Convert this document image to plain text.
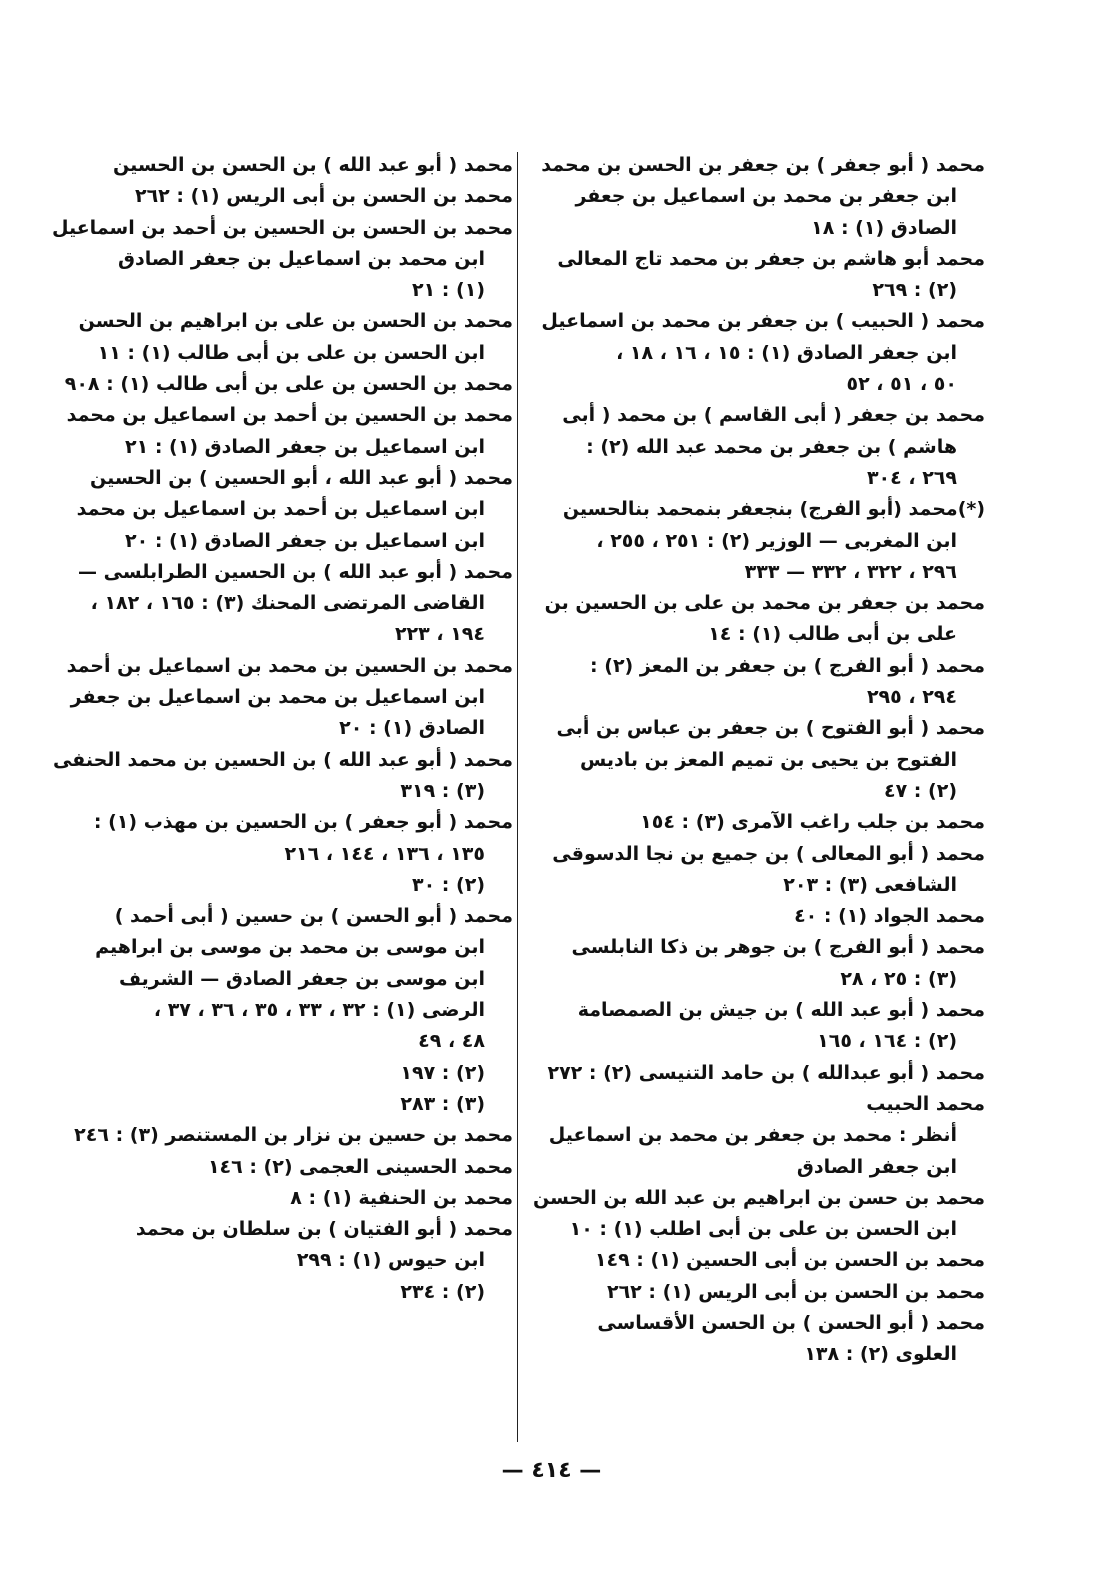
محمد ( أبو جعفر ) بن جعفر بن الحسن بن محمد
ابن جعفر بن محمد بن اسماعيل بن جعفر
الصادق (١) : ١٨
محمد أبو هاشم بن جعفر بن محمد تاج المعالى
(٢) : ٢٦٩
محمد ( الحبيب ) بن جعفر بن محمد بن اسماعيل
ابن جعفر الصادق (١) : ١٥ ، ١٦ ، ١٨ ،
٥٠ ، ٥١ ، ٥٢
محمد بن جعفر ( أبى القاسم ) بن محمد ( أبى
هاشم ) بن جعفر بن محمد عبد الله (٢) :
٢٦٩ ، ٣٠٤
(*)محمد (أبو الفرج) بنجعفر بنمحمد بنالحسين
ابن المغربى — الوزير (٢) : ٢٥١ ، ٢٥٥ ،
٢٩٦ ، ٣٢٢ ، ٣٣٢ — ٣٣٣
محمد بن جعفر بن محمد بن على بن الحسين بن
على بن أبى طالب (١) : ١٤
محمد ( أبو الفرج ) بن جعفر بن المعز (٢) :
٢٩٤ ، ٢٩٥
محمد ( أبو الفتوح ) بن جعفر بن عباس بن أبى
الفتوح بن يحيى بن تميم المعز بن باديس
(٢) : ٤٧
محمد بن جلب راغب الآمرى (٣) : ١٥٤
محمد ( أبو المعالى ) بن جميع بن نجا الدسوقى
الشافعى (٣) : ٢٠٣
محمد الجواد (١) : ٤٠
محمد ( أبو الفرج ) بن جوهر بن ذكا النابلسى
(٣) : ٢٥ ، ٢٨
محمد ( أبو عبد الله ) بن جيش بن الصمصامة
(٢) : ١٦٤ ، ١٦٥
محمد ( أبو عبدالله ) بن حامد التنيسى (٢) : ٢٧٢
محمد الحبيب
أنظر : محمد بن جعفر بن محمد بن اسماعيل
ابن جعفر الصادق
محمد بن حسن بن ابراهيم بن عبد الله بن الحسن
ابن الحسن بن على بن أبى اطلب (١) : ١٠
محمد بن الحسن بن أبى الحسين (١) : ١٤٩
محمد بن الحسن بن أبى الريس (١) : ٢٦٢
محمد ( أبو الحسن ) بن الحسن الأقساسى
العلوى (٢) : ١٣٨
محمد ( أبو عبد الله ) بن الحسن بن الحسين
محمد بن الحسن بن أبى الريس (١) : ٢٦٢
محمد بن الحسن بن الحسين بن أحمد بن اسماعيل
ابن محمد بن اسماعيل بن جعفر الصادق
(١) : ٢١
محمد بن الحسن بن على بن ابراهيم بن الحسن
ابن الحسن بن على بن أبى طالب (١) : ١١
محمد بن الحسن بن على بن أبى طالب (١) : ٩٠٨
محمد بن الحسين بن أحمد بن اسماعيل بن محمد
ابن اسماعيل بن جعفر الصادق (١) : ٢١
محمد ( أبو عبد الله ، أبو الحسين ) بن الحسين
ابن اسماعيل بن أحمد بن اسماعيل بن محمد
ابن اسماعيل بن جعفر الصادق (١) : ٢٠
محمد ( أبو عبد الله ) بن الحسين الطرابلسى —
القاضى المرتضى المحنك (٣) : ١٦٥ ، ١٨٢ ،
١٩٤ ، ٢٢٣
محمد بن الحسين بن محمد بن اسماعيل بن أحمد
ابن اسماعيل بن محمد بن اسماعيل بن جعفر
الصادق (١) : ٢٠
محمد ( أبو عبد الله ) بن الحسين بن محمد الحنفى
(٣) : ٣١٩
محمد ( أبو جعفر ) بن الحسين بن مهذب (١) :
١٣٥ ، ١٣٦ ، ١٤٤ ، ٢١٦
(٢) : ٣٠
محمد ( أبو الحسن ) بن حسين ( أبى أحمد )
ابن موسى بن محمد بن موسى بن ابراهيم
ابن موسى بن جعفر الصادق — الشريف
الرضى (١) : ٣٢ ، ٣٣ ، ٣٥ ، ٣٦ ، ٣٧ ،
٤٨ ، ٤٩
(٢) : ١٩٧
(٣) : ٢٨٣
محمد بن حسين بن نزار بن المستنصر (٣) : ٢٤٦
محمد الحسينى العجمى (٢) : ١٤٦
محمد بن الحنفية (١) : ٨
محمد ( أبو الفتيان ) بن سلطان بن محمد
ابن حيوس (١) : ٢٩٩
(٢) : ٢٣٤
— ٤١٤ —
